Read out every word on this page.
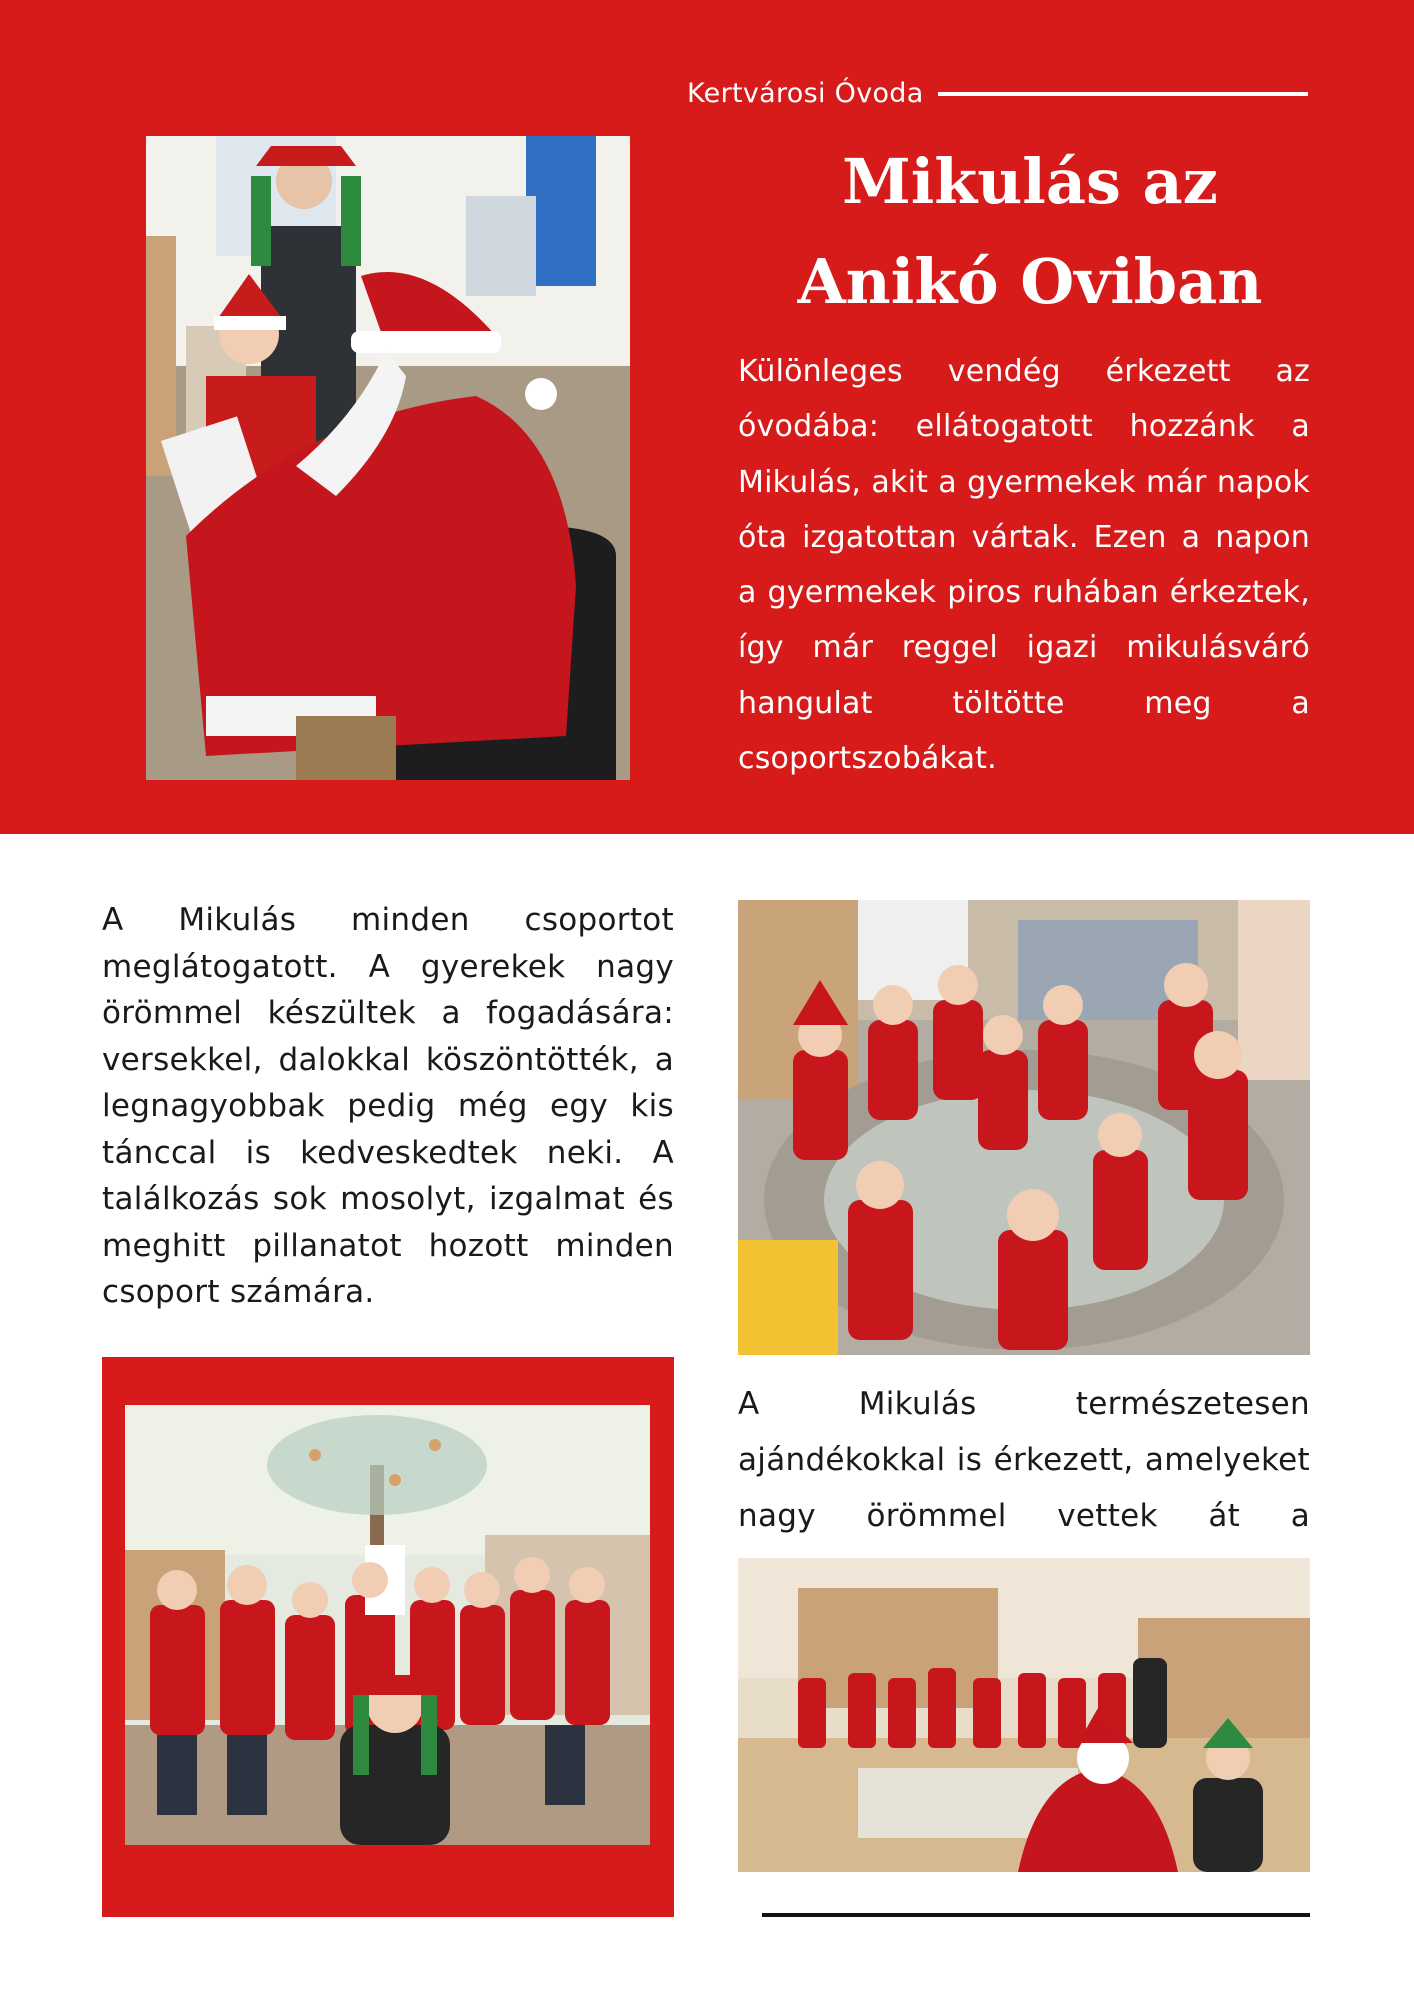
Kertvárosi Óvoda
Mikulás az
Anikó Oviban
Különleges vendég érkezett az óvodába: ellátogatott hozzánk a Mikulás, akit a gyermekek már napok óta izgatottan vártak. Ezen a napon a gyermekek piros ruhában érkeztek, így már reggel igazi mikulásváró hangulat töltötte meg a csoportszobákat.
A Mikulás minden csoportot meglátogatott. A gyerekek nagy örömmel készültek a fogadására: versekkel, dalokkal köszöntötték, a legnagyobbak pedig még egy kis tánccal is kedveskedtek neki. A találkozás sok mosolyt, izgalmat és meghitt pillanatot hozott minden csoport számára.
A Mikulás természetesen ajándékokkal is érkezett, amelyeket nagy örömmel vettek át a
